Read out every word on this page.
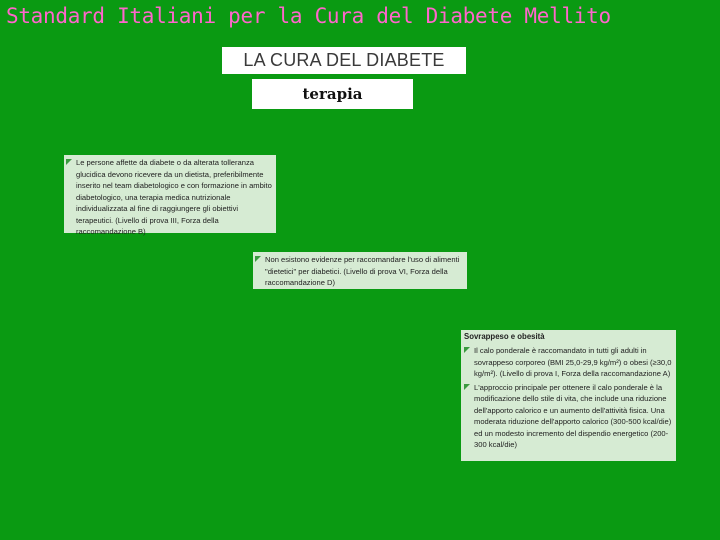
Standard Italiani per la Cura del Diabete Mellito
LA CURA DEL DIABETE
terapia
Le persone affette da diabete o da alterata tolleranza glucidica devono ricevere da un dietista, preferibilmente inserito nel team diabetologico e con formazione in ambito diabetologico, una terapia medica nutrizionale individualizzata al fine di raggiungere gli obiettivi terapeutici. (Livello di prova III, Forza della raccomandazione B)
Non esistono evidenze per raccomandare l'uso di alimenti "dietetici" per diabetici. (Livello di prova VI, Forza della raccomandazione D)
Sovrappeso e obesità
Il calo ponderale è raccomandato in tutti gli adulti in sovrappeso corporeo (BMI 25,0-29,9 kg/m²) o obesi (≥30,0 kg/m²). (Livello di prova I, Forza della raccomandazione A)
L'approccio principale per ottenere il calo ponderale è la modificazione dello stile di vita, che include una riduzione dell'apporto calorico e un aumento dell'attività fisica. Una moderata riduzione dell'apporto calorico (300-500 kcal/die) ed un modesto incremento del dispendio energetico (200-300 kcal/die)
